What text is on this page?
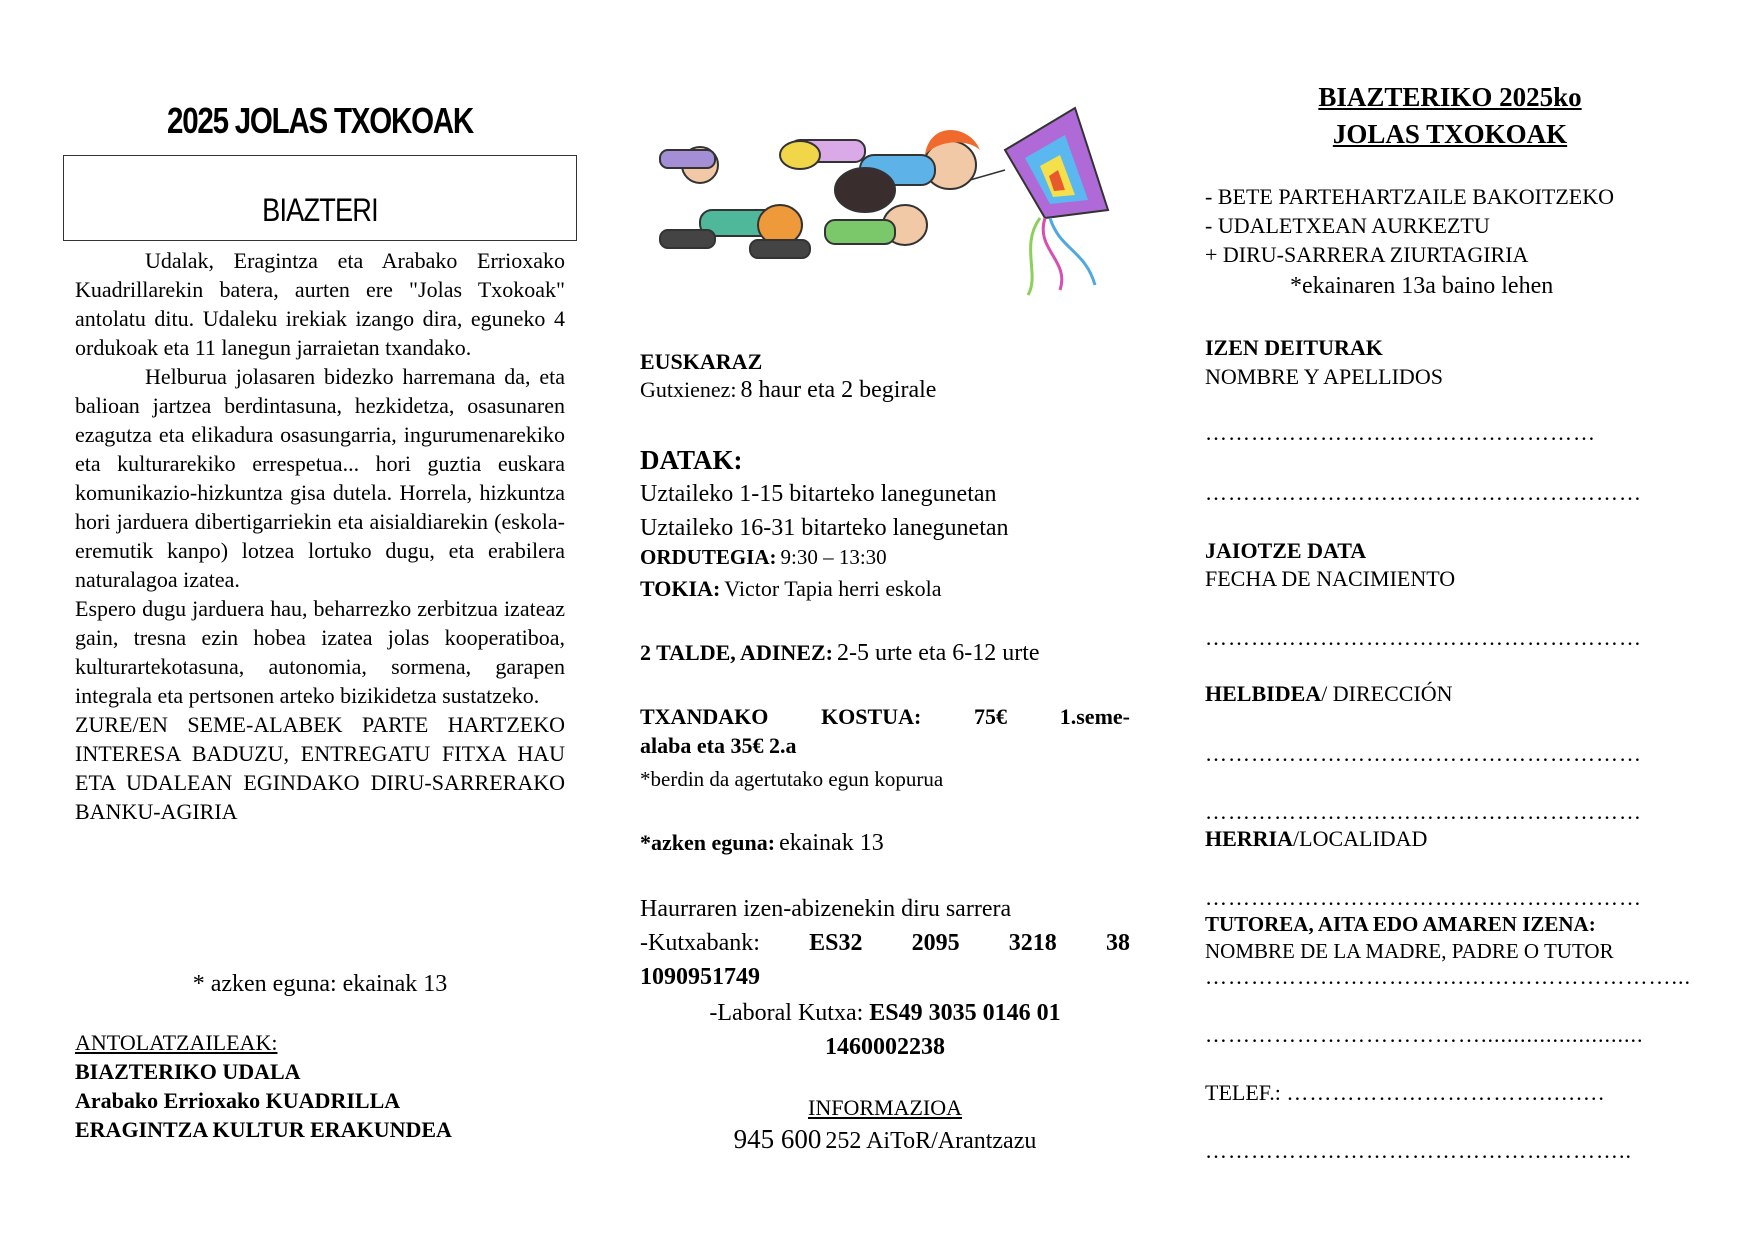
2025 JOLAS TXOKOAK
BIAZTERI

Udalak, Eragintza eta Arabako Errioxako Kuadrillarekin batera, aurten ere "Jolas Txokoak" antolatu ditu. Udaleku irekiak izango dira, eguneko 4 ordukoak eta 11 lanegun jarraietan txandako.

Helburua jolasaren bidezko harremana da, eta balioan jartzea berdintasuna, hezkidetza, osasunaren ezagutza eta elikadura osasungarria, ingurumenarekiko eta kulturarekiko errespetua... hori guztia euskara komunikazio-hizkuntza gisa dutela. Horrela, hizkuntza hori jarduera dibertigarriekin eta aisialdiarekin (eskola-eremutik kanpo) lotzea lortuko dugu, eta erabilera naturalagoa izatea.

Espero dugu jarduera hau, beharrezko zerbitzua izateaz gain, tresna ezin hobea izatea jolas kooperatiboa, kulturartekotasuna, autonomia, sormena, garapen integrala eta pertsonen arteko bizikidetza sustatzeko.

ZURE/EN SEME-ALABEK PARTE HARTZEKO INTERESA BADUZU, ENTREGATU FITXA HAU ETA UDALEAN EGINDAKO DIRU-SARRERAKO BANKU-AGIRIA

* azken eguna: ekainak 13
ANTOLATZAILEAK:
BIAZTERIKO UDALA
Arabako Errioxako KUADRILLA
ERAGINTZA KULTUR ERAKUNDEA
EUSKARAZ
Gutxienez: 8 haur eta 2 begirale
DATAK:
Uztaileko 1-15 bitarteko lanegunetan
Uztaileko 16-31 bitarteko lanegunetan
ORDUTEGIA: 9:30 – 13:30
TOKIA: Victor Tapia herri eskola
2 TALDE, ADINEZ: 2-5 urte eta 6-12 urte
TXANDAKO KOSTUA: 75€ 1.seme-
alaba eta 35€ 2.a
*berdin da agertutako egun kopurua
*azken eguna: ekainak 13
Haurraren izen-abizenekin diru sarrera
-Kutxabank: ES32 2095 3218 38
1090951749
-Laboral Kutxa: ES49 3035 0146 01
1460002238
INFORMAZIOA
945 600 252 AiToR/Arantzazu
BIAZTERIKO 2025ko
JOLAS TXOKOAK
- BETE PARTEHARTZAILE BAKOITZEKO
- UDALETXEAN AURKEZTU
+ DIRU-SARRERA ZIURTAGIRIA
*ekainaren 13a baino lehen
IZEN DEITURAK
NOMBRE Y APELLIDOS
……………………………………………
…………………………………………………
JAIOTZE DATA
FECHA DE NACIMIENTO
…………………………………………………
HELBIDEA/ DIRECCIÓN
…………………………………………………
…………………………………………………
HERRIA/LOCALIDAD
…………………………………………………
TUTOREA, AITA EDO AMAREN IZENA:
NOMBRE DE LA MADRE, PADRE O TUTOR
…………………………….………………………...
……………………………….........................
TELEF.: …………………………….….….
………………………………………………..
